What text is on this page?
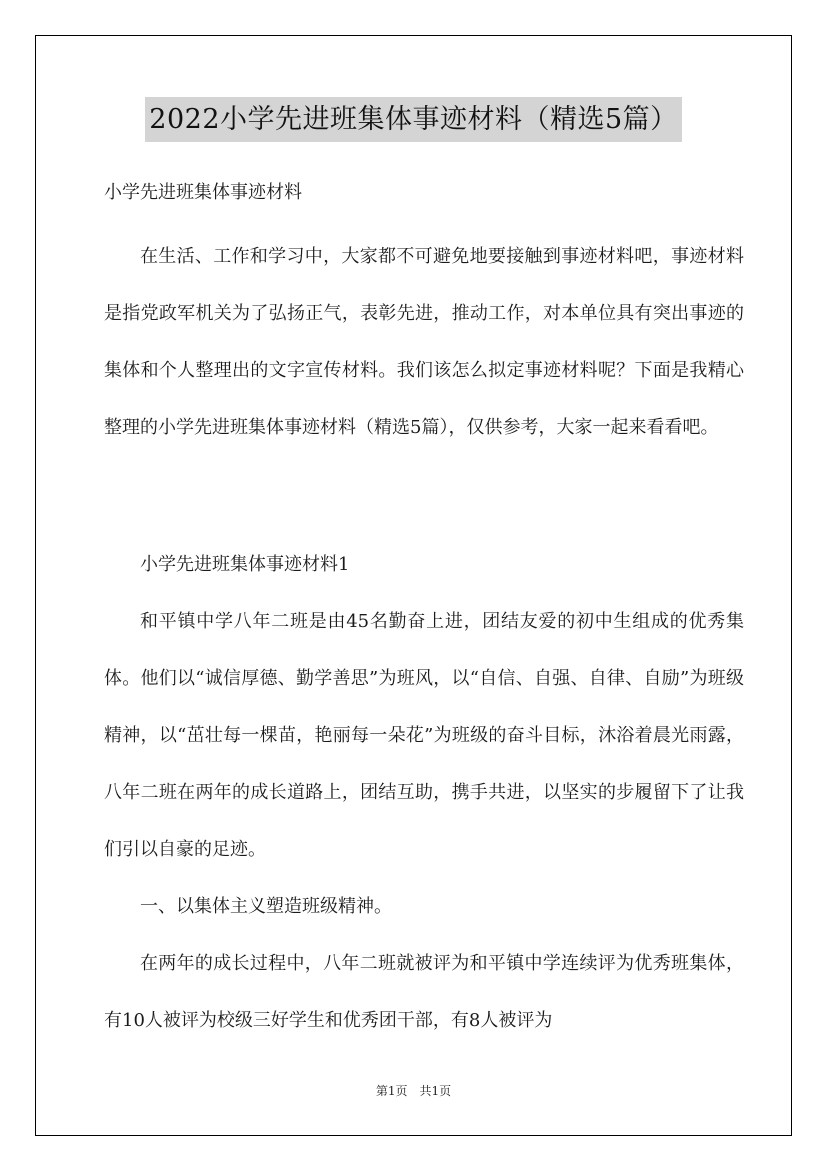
2022小学先进班集体事迹材料（精选5篇）
小学先进班集体事迹材料

在生活、工作和学习中，大家都不可避免地要接触到事迹材料吧，事迹材料是指党政军机关为了弘扬正气，表彰先进，推动工作，对本单位具有突出事迹的集体和个人整理出的文字宣传材料。我们该怎么拟定事迹材料呢？下面是我精心整理的小学先进班集体事迹材料（精选5篇），仅供参考，大家一起来看看吧。

小学先进班集体事迹材料1

和平镇中学八年二班是由45名勤奋上进，团结友爱的初中生组成的优秀集体。他们以“诚信厚德、勤学善思”为班风，以“自信、自强、自律、自励”为班级精神，以“茁壮每一棵苗，艳丽每一朵花”为班级的奋斗目标，沐浴着晨光雨露，八年二班在两年的成长道路上，团结互助，携手共进，以坚实的步履留下了让我们引以自豪的足迹。

一、以集体主义塑造班级精神。

在两年的成长过程中，八年二班就被评为和平镇中学连续评为优秀班集体，有10人被评为校级三好学生和优秀团干部，有8人被评为

第1页 共1页
